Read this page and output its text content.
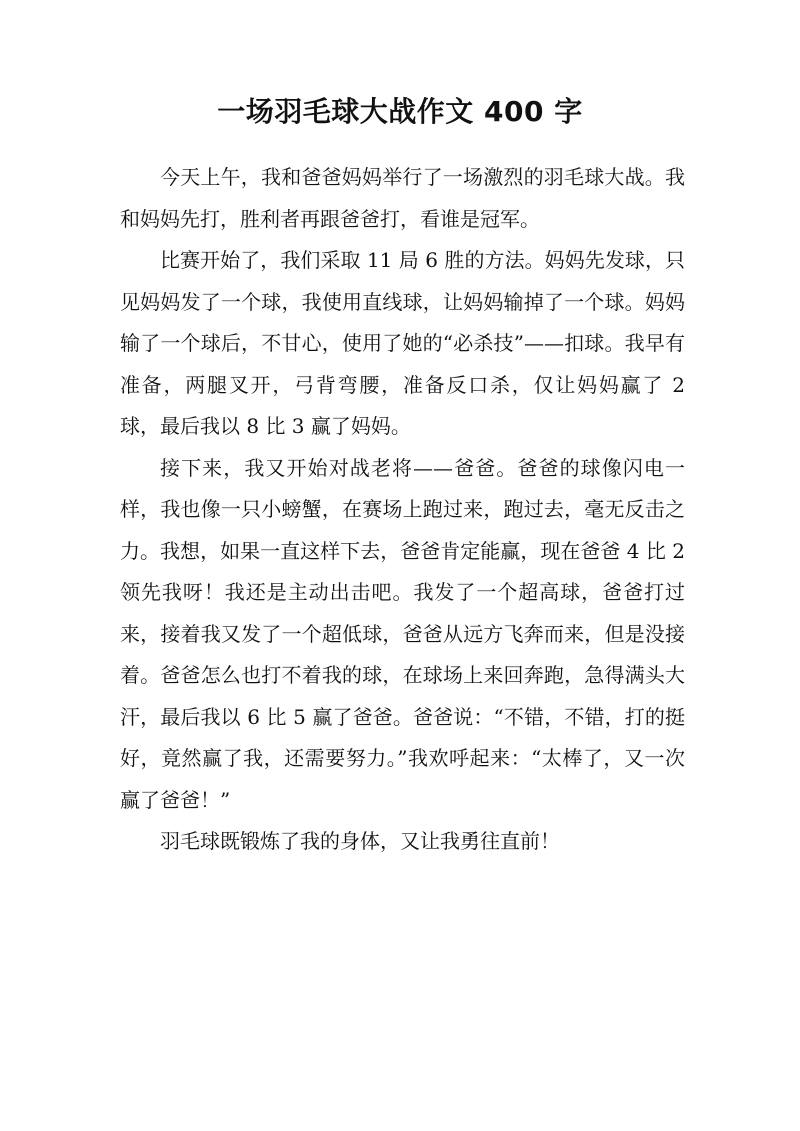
一场羽毛球大战作文 400 字

今天上午，我和爸爸妈妈举行了一场激烈的羽毛球大战。我和妈妈先打，胜利者再跟爸爸打，看谁是冠军。

比赛开始了，我们采取 11 局 6 胜的方法。妈妈先发球，只见妈妈发了一个球，我使用直线球，让妈妈输掉了一个球。妈妈输了一个球后，不甘心，使用了她的“必杀技”——扣球。我早有准备，两腿叉开，弓背弯腰，准备反口杀，仅让妈妈赢了 2 球，最后我以 8 比 3 赢了妈妈。

接下来，我又开始对战老将——爸爸。爸爸的球像闪电一样，我也像一只小螃蟹，在赛场上跑过来，跑过去，毫无反击之力。我想，如果一直这样下去，爸爸肯定能赢，现在爸爸 4 比 2 领先我呀！我还是主动出击吧。我发了一个超高球，爸爸打过来，接着我又发了一个超低球，爸爸从远方飞奔而来，但是没接着。爸爸怎么也打不着我的球，在球场上来回奔跑，急得满头大汗，最后我以 6 比 5 赢了爸爸。爸爸说：“不错，不错，打的挺好，竟然赢了我，还需要努力。”我欢呼起来：“太棒了，又一次赢了爸爸！”

羽毛球既锻炼了我的身体，又让我勇往直前！
